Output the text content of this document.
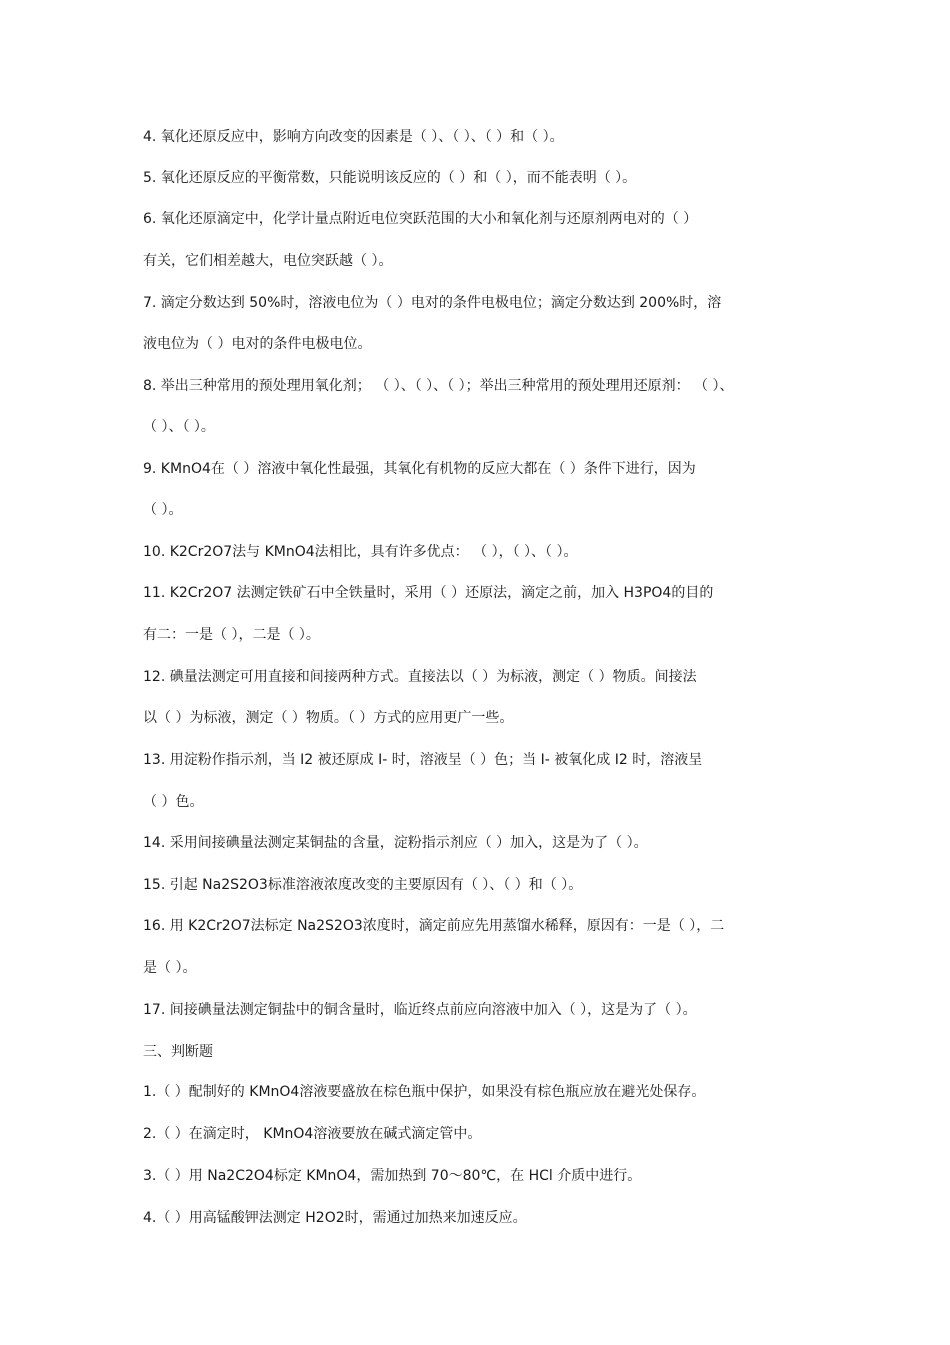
4. 氧化还原反应中，影响方向改变的因素是（ ）、（ ）、（ ）和（ ）。
5. 氧化还原反应的平衡常数，只能说明该反应的（ ）和（ ），而不能表明（ ）。
6. 氧化还原滴定中，化学计量点附近电位突跃范围的大小和氧化剂与还原剂两电对的（ ）
有关，它们相差越大，电位突跃越（ ）。
7. 滴定分数达到 50%时，溶液电位为（ ）电对的条件电极电位；滴定分数达到 200%时，溶
液电位为（ ）电对的条件电极电位。
8. 举出三种常用的预处理用氧化剂； （ ）、（ ）、（ ）；举出三种常用的预处理用还原剂： （ ）、
（ ）、（ ）。
9. KMnO4在（ ）溶液中氧化性最强，其氧化有机物的反应大都在（ ）条件下进行，因为
（ ）。
10. K2Cr2O7法与 KMnO4法相比，具有许多优点： （ ），（ ）、（ ）。
11. K2Cr2O7 法测定铁矿石中全铁量时，采用（ ）还原法，滴定之前，加入 H3PO4的目的
有二：一是（ ），二是（ ）。
12. 碘量法测定可用直接和间接两种方式。直接法以（ ）为标液，测定（ ）物质。间接法
以（ ）为标液，测定（ ）物质。（ ）方式的应用更广一些。
13. 用淀粉作指示剂，当 I2 被还原成 I- 时，溶液呈（ ）色；当 I- 被氧化成 I2 时，溶液呈
（ ）色。
14. 采用间接碘量法测定某铜盐的含量，淀粉指示剂应（ ）加入，这是为了（ ）。
15. 引起 Na2S2O3标准溶液浓度改变的主要原因有（ ）、（ ）和（ ）。
16. 用 K2Cr2O7法标定 Na2S2O3浓度时，滴定前应先用蒸馏水稀释，原因有：一是（ ），二
是（ ）。
17. 间接碘量法测定铜盐中的铜含量时，临近终点前应向溶液中加入（ ），这是为了（ ）。
三、判断题
1.（ ）配制好的 KMnO4溶液要盛放在棕色瓶中保护，如果没有棕色瓶应放在避光处保存。
2.（ ）在滴定时， KMnO4溶液要放在碱式滴定管中。
3.（ ）用 Na2C2O4标定 KMnO4，需加热到 70～80℃，在 HCl 介质中进行。
4.（ ）用高锰酸钾法测定 H2O2时，需通过加热来加速反应。
